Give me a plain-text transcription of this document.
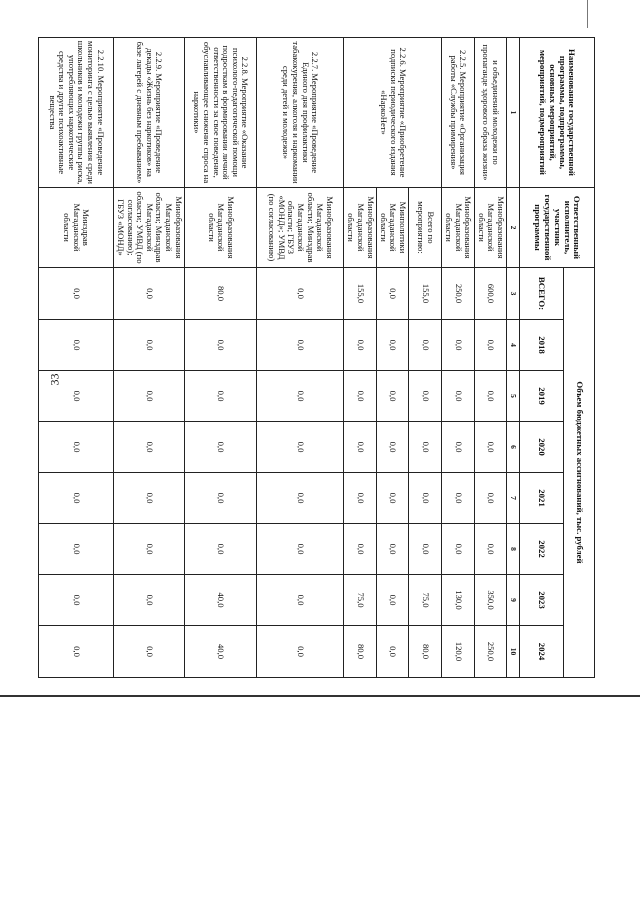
33
Наименование государственной программы, подпрограммы, основных мероприятий, мероприятий, подмероприятий	Ответственный исполнитель, участник государственной программы	Объем бюджетных ассигнований, тыс. рублей							
		ВСЕГО:	2018	2019	2020	2021	2022	2023	2024
1	2	3	4	5	6	7	8	9	10
и объединений молодежи по пропаганде здорового образа жизни»	Минобразования Магаданской области	600,0	0,0	0,0	0,0	0,0	0,0	350,0	250,0
2.2.5. Мероприятие «Организация работы «Службы примирения»	Минобразования Магаданской области	250,0	0,0	0,0	0,0	0,0	0,0	130,0	120,0
2.2.6. Мероприятие «Приобретение подписки периодического издания «НаркоНет»	Всего по мероприятию:	155,0	0,0	0,0	0,0	0,0	0,0	75,0	80,0
	Минполитики Магаданской области	0,0	0,0	0,0	0,0	0,0	0,0	0,0	0,0
	Минобразования Магаданской области	155,0	0,0	0,0	0,0	0,0	0,0	75,0	80,0
2.2.7. Мероприятие «Проведение Единого дня профилактики табакокурения, алкоголя и наркомании среди детей и молодежи»	Минобразования Магаданской области; Минздрав Магаданской области; ГБУЗ «МОНД»; УМВД (по согласованию)	0,0	0,0	0,0	0,0	0,0	0,0	0,0	0,0
2.2.8. Мероприятие «Оказание психолого-педагогической помощи подросткам в формировании личной ответственности за свое поведение, обуславливающее снижение спроса на наркотики»	Минобразования Магаданской области	80,0	0,0	0,0	0,0	0,0	0,0	40,0	40,0
2.2.9. Мероприятие «Проведение декады «Жизнь без наркотиков» на базе лагерей с дневным пребыванием»	Минобразования Магаданской области; Минздрав Магаданской области; УМВД (по согласованию); ГБУЗ «МОНД»	0,0	0,0	0,0	0,0	0,0	0,0	0,0	0,0
2.2.10. Мероприятие «Проведение мониторинга с целью выявления среди школьников и молодежи группы риска, употребляющих наркотические средства и другие психоактивные вещества	Минздрав Магаданской области	0,0	0,0	0,0	0,0	0,0	0,0	0,0	0,0
